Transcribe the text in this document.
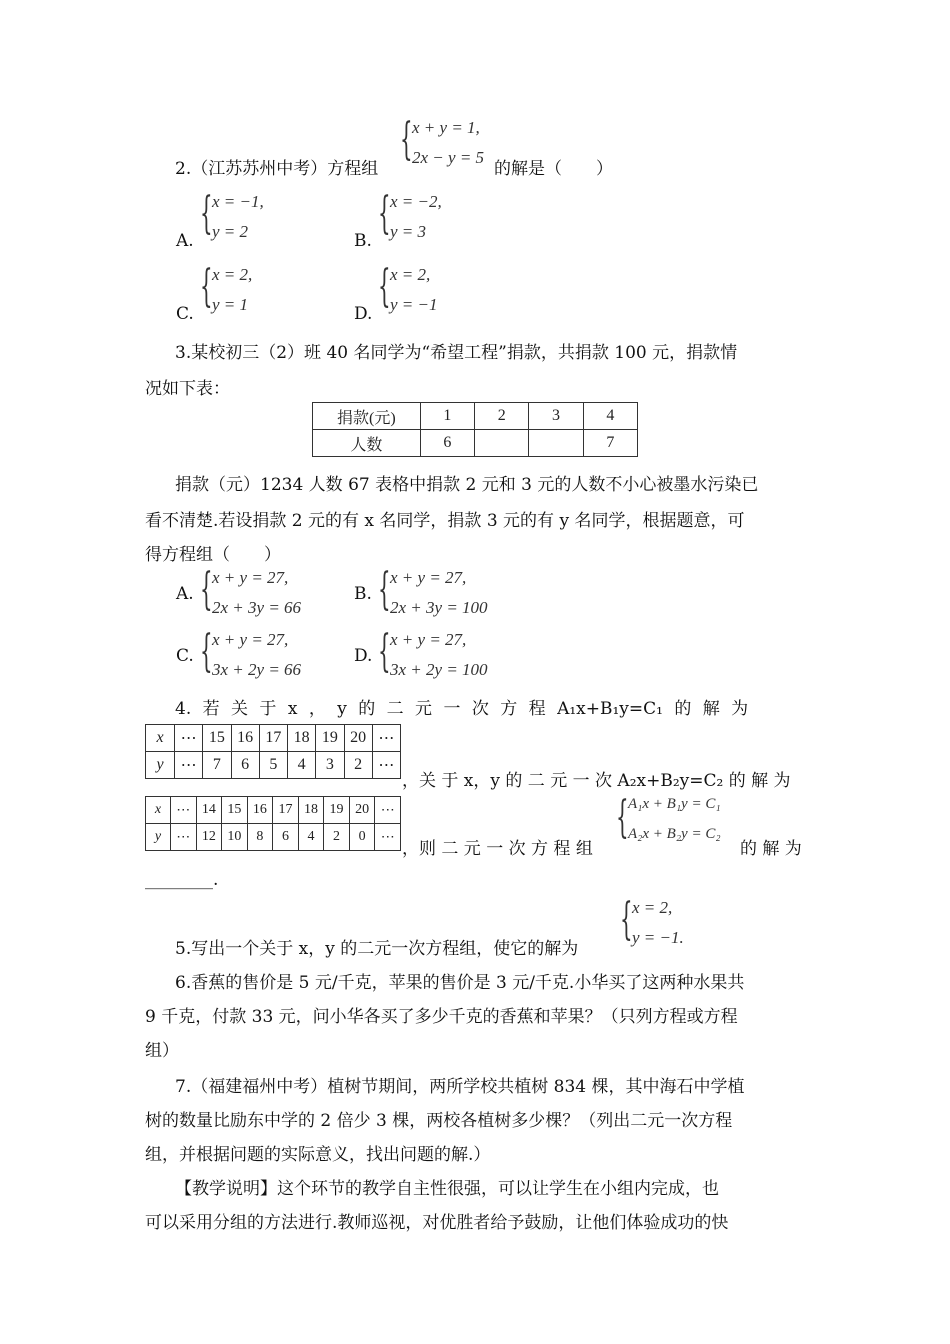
2.（江苏苏州中考）方程组
{ x + y = 1,
2x − y = 5
的解是（　　）
A.
{ x = −1,
y = 2	B.
{ x = −2,
y = 3
C.
{ x = 2,
y = 1	D.
{ x = 2,
y = −1
3.某校初三（2）班 40 名同学为“希望工程”捐款，共捐款 100 元，捐款情
况如下表：
捐款(元)	1	2	3	4
人数	6			7
捐款（元）1234 人数 67 表格中捐款 2 元和 3 元的人数不小心被墨水污染已
看不清楚.若设捐款 2 元的有 x 名同学，捐款 3 元的有 y 名同学，根据题意，可
得方程组（　　）
A. { x + y = 27,
2x + 3y = 66
B. { x + y = 27,
2x + 3y = 100
C. { x + y = 27,
3x + 2y = 66
D. { x + y = 27,
3x + 2y = 100
4. 若 关 于 x ， y 的 二 元 一 次 方 程 A₁x+B₁y=C₁ 的 解 为
x	⋯	15	16	17	18	19	20	⋯
y	⋯	7	6	5	4	3	2	⋯
，关 于 x，y 的 二 元 一 次 A₂x+B₂y=C₂ 的 解 为
x	⋯	14	15	16	17	18	19	20	⋯
y	⋯	12	10	8	6	4	2	0	⋯
，则 二 元 一 次 方 程 组
{ A₁x + B₁y = C₁
A₂x + B₂y = C₂
的 解 为
________.
5.写出一个关于 x，y 的二元一次方程组，使它的解为
{ x = 2,
y = −1.
6.香蕉的售价是 5 元/千克，苹果的售价是 3 元/千克.小华买了这两种水果共
9 千克，付款 33 元，问小华各买了多少千克的香蕉和苹果？（只列方程或方程
组）
7.（福建福州中考）植树节期间，两所学校共植树 834 棵，其中海石中学植
树的数量比励东中学的 2 倍少 3 棵，两校各植树多少棵？（列出二元一次方程
组，并根据问题的实际意义，找出问题的解.）
【教学说明】这个环节的教学自主性很强，可以让学生在小组内完成，也
可以采用分组的方法进行.教师巡视，对优胜者给予鼓励，让他们体验成功的快
